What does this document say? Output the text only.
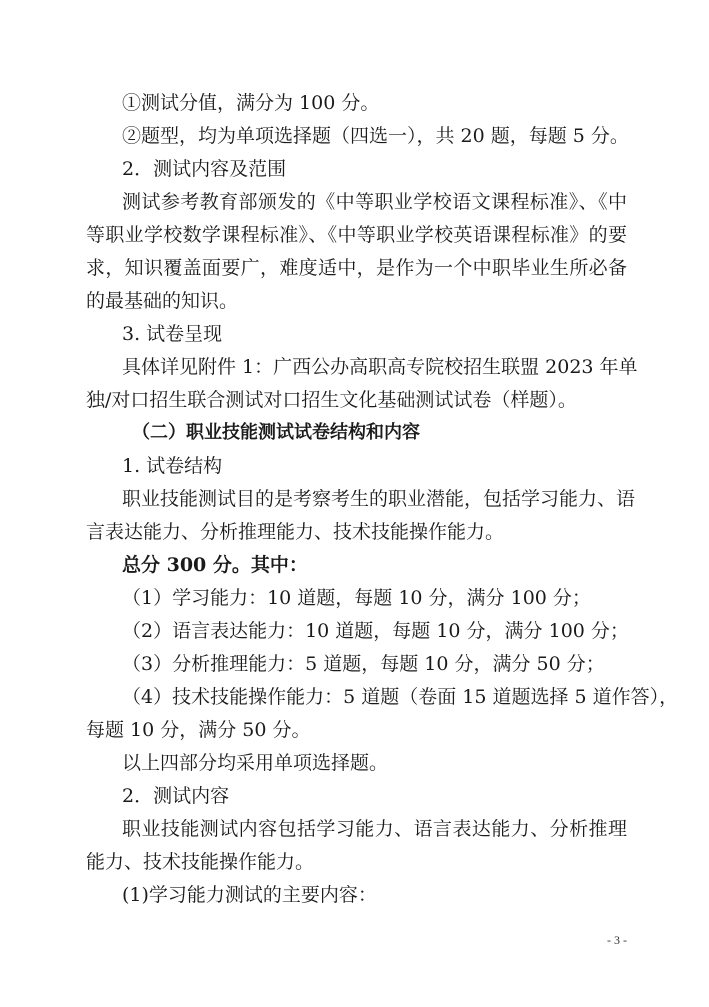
①测试分值，满分为 100 分。
②题型，均为单项选择题（四选一），共 20 题，每题 5 分。
2．测试内容及范围
测试参考教育部颁发的《中等职业学校语文课程标准》、《中
等职业学校数学课程标准》、《中等职业学校英语课程标准》的要
求，知识覆盖面要广，难度适中，是作为一个中职毕业生所必备
的最基础的知识。
3. 试卷呈现
具体详见附件 1：广西公办高职高专院校招生联盟 2023 年单
独/对口招生联合测试对口招生文化基础测试试卷（样题）。
（二）职业技能测试试卷结构和内容
1. 试卷结构
职业技能测试目的是考察考生的职业潜能，包括学习能力、语
言表达能力、分析推理能力、技术技能操作能力。
总分 300 分。其中：
（1）学习能力：10 道题，每题 10 分，满分 100 分；
（2）语言表达能力：10 道题，每题 10 分，满分 100 分；
（3）分析推理能力：5 道题，每题 10 分，满分 50 分；
（4）技术技能操作能力：5 道题（卷面 15 道题选择 5 道作答），
每题 10 分，满分 50 分。
以上四部分均采用单项选择题。
2．测试内容
职业技能测试内容包括学习能力、语言表达能力、分析推理
能力、技术技能操作能力。
(1)学习能力测试的主要内容：
- 3 -
